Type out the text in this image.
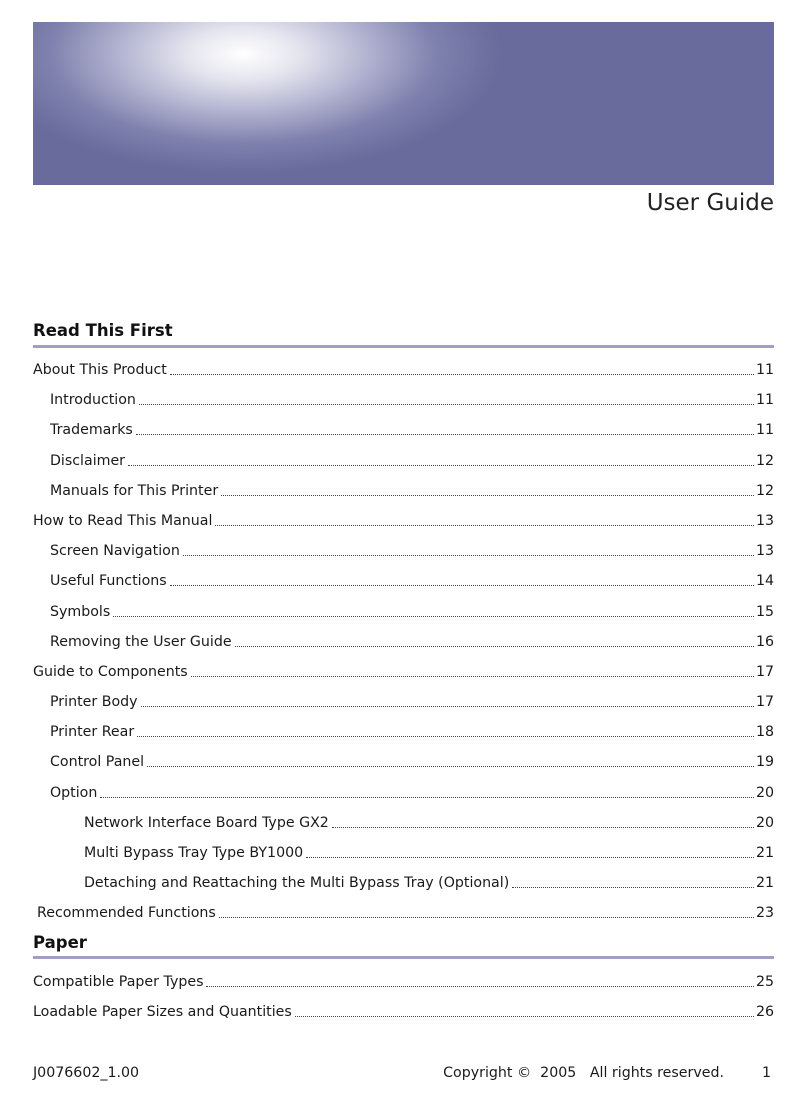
User Guide
Read This First
About This Product	11
Introduction	11
Trademarks	11
Disclaimer	12
Manuals for This Printer	12
How to Read This Manual	13
Screen Navigation	13
Useful Functions	14
Symbols	15
Removing the User Guide	16
Guide to Components	17
Printer Body	17
Printer Rear	18
Control Panel	19
Option	20
Network Interface Board Type GX2	20
Multi Bypass Tray Type BY1000	21
Detaching and Reattaching the Multi Bypass Tray (Optional)	21
Recommended Functions	23
Paper
Compatible Paper Types	25
Loadable Paper Sizes and Quantities	26
J0076602_1.00	Copyright ©  2005   All rights reserved.	1
